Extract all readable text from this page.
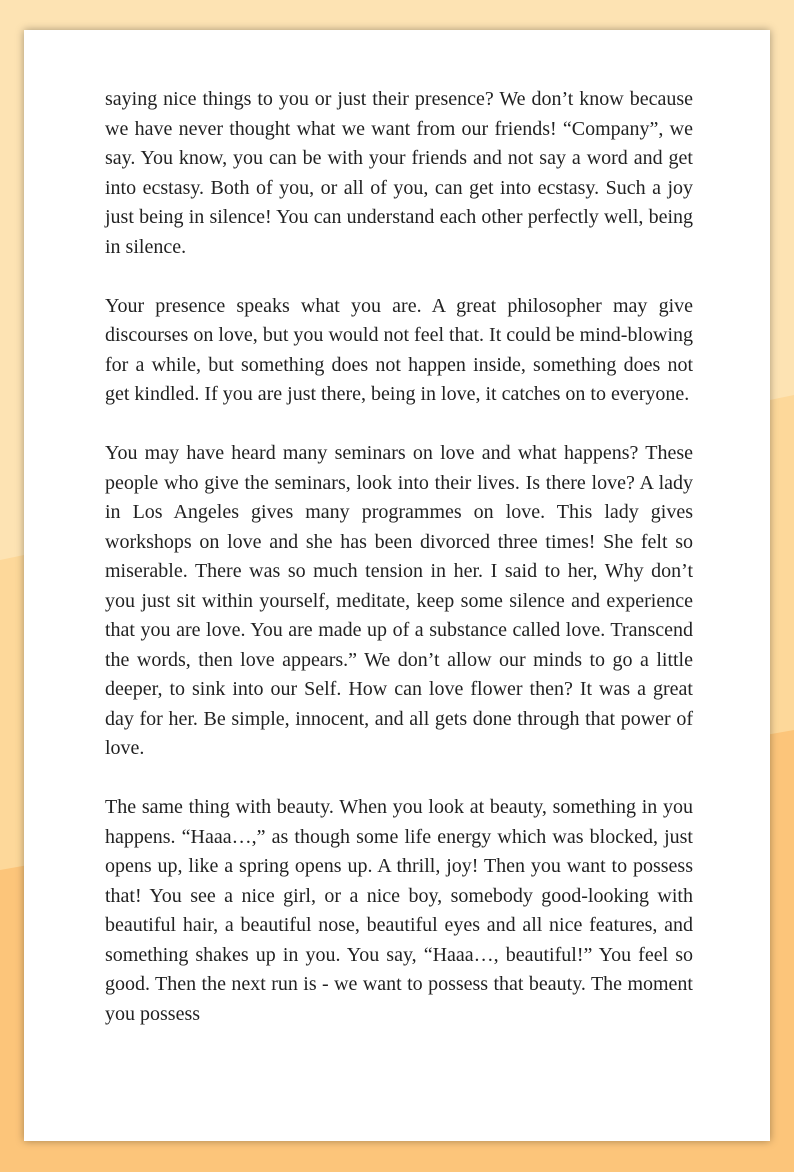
saying nice things to you or just their presence? We don’t know because we have never thought what we want from our friends! “Company”, we say. You know, you can be with your friends and not say a word and get into ecstasy. Both of you, or all of you, can get into ecstasy. Such a joy just being in silence! You can understand each other perfectly well, being in silence.

Your presence speaks what you are. A great philosopher may give discourses on love, but you would not feel that. It could be mind-blowing for a while, but something does not happen inside, something does not get kindled. If you are just there, being in love, it catches on to everyone.

You may have heard many seminars on love and what happens? These people who give the seminars, look into their lives. Is there love? A lady in Los Angeles gives many programmes on love. This lady gives workshops on love and she has been divorced three times! She felt so miserable. There was so much tension in her. I said to her, Why don’t you just sit within yourself, meditate, keep some silence and experience that you are love. You are made up of a substance called love. Transcend the words, then love appears.” We don’t allow our minds to go a little deeper, to sink into our Self. How can love flower then? It was a great day for her. Be simple, innocent, and all gets done through that power of love.

The same thing with beauty. When you look at beauty, something in you happens. “Haaa…,” as though some life energy which was blocked, just opens up, like a spring opens up. A thrill, joy! Then you want to possess that! You see a nice girl, or a nice boy, somebody good-looking with beautiful hair, a beautiful nose, beautiful eyes and all nice features, and something shakes up in you. You say, “Haaa…, beautiful!” You feel so good. Then the next run is - we want to possess that beauty. The moment you possess
